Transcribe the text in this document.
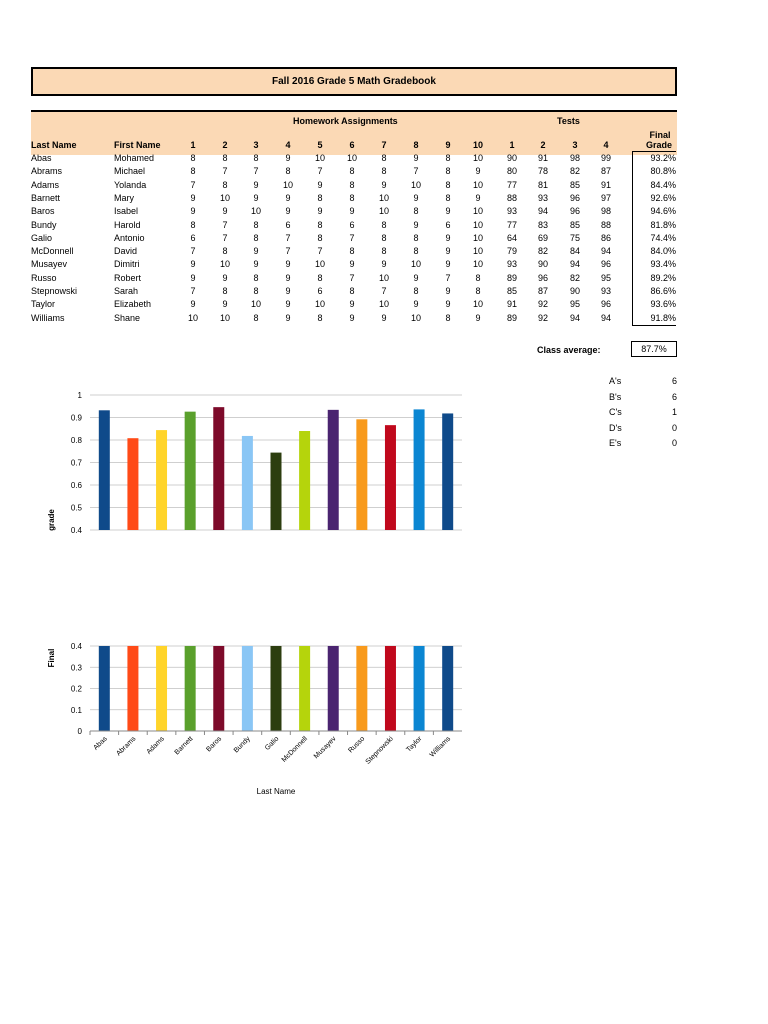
Fall 2016 Grade 5 Math Gradebook
Homework Assignments	Tests
Last Name	First Name	1	2	3	4	5	6	7	8	9	10	1	2	3	4
Final
Grade
Abas	Mohamed	8	8	8	9	10	10	8	9	8	10	90	91	98	99	93.2%
Abrams	Michael	8	7	7	8	7	8	8	7	8	9	80	78	82	87	80.8%
Adams	Yolanda	7	8	9	10	9	8	9	10	8	10	77	81	85	91	84.4%
Barnett	Mary	9	10	9	9	8	8	10	9	8	9	88	93	96	97	92.6%
Baros	Isabel	9	9	10	9	9	9	10	8	9	10	93	94	96	98	94.6%
Bundy	Harold	8	7	8	6	8	6	8	9	6	10	77	83	85	88	81.8%
Galio	Antonio	6	7	8	7	8	7	8	8	9	10	64	69	75	86	74.4%
McDonnell	David	7	8	9	7	7	8	8	8	9	10	79	82	84	94	84.0%
Musayev	Dimitri	9	10	9	9	10	9	9	10	9	10	93	90	94	96	93.4%
Russo	Robert	9	9	8	9	8	7	10	9	7	8	89	96	82	95	89.2%
Stepnowski	Sarah	7	8	8	9	6	8	7	8	9	8	85	87	90	93	86.6%
Taylor	Elizabeth	9	9	10	9	10	9	10	9	9	10	91	92	95	96	93.6%
Williams	Shane	10	10	8	9	8	9	9	10	8	9	89	92	94	94	91.8%
Class average:	87.7%
A's	6
B's	6
C's	1
D's	0
E's	0
0.4
0.5
0.6
0.7
0.8
0.9
1
grade
0
0.1
0.2
0.3
0.4
Abas Abrams Adams Barnett Baros Bundy Galio McDonnell Musayev Russo
Stepnowski Taylor Williams
Final
Last Name
